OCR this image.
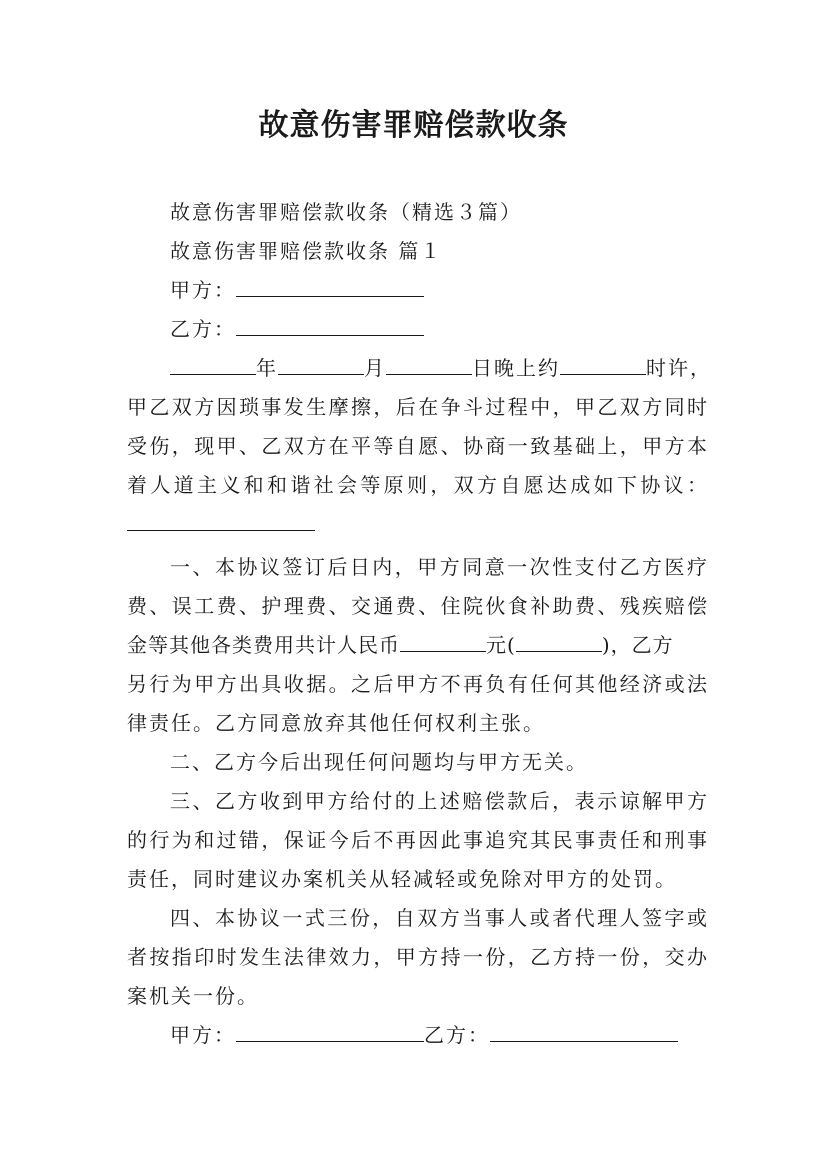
故意伤害罪赔偿款收条
故意伤害罪赔偿款收条（精选３篇）
故意伤害罪赔偿款收条 篇１
甲方：
乙方：
年	月	日晚上约	时许，
甲乙双方因琐事发生摩擦，后在争斗过程中，甲乙双方同时
受伤，现甲、乙双方在平等自愿、协商一致基础上，甲方本
着人道主义和和谐社会等原则，双方自愿达成如下协议：
一、本协议签订后日内，甲方同意一次性支付乙方医疗
费、误工费、护理费、交通费、住院伙食补助费、残疾赔偿
金等其他各类费用共计人民币	元(	)，乙方
另行为甲方出具收据。之后甲方不再负有任何其他经济或法
律责任。乙方同意放弃其他任何权利主张。
二、乙方今后出现任何问题均与甲方无关。
三、乙方收到甲方给付的上述赔偿款后，表示谅解甲方
的行为和过错，保证今后不再因此事追究其民事责任和刑事
责任，同时建议办案机关从轻减轻或免除对甲方的处罚。
四、本协议一式三份，自双方当事人或者代理人签字或
者按指印时发生法律效力，甲方持一份，乙方持一份，交办
案机关一份。
甲方：	乙方：
